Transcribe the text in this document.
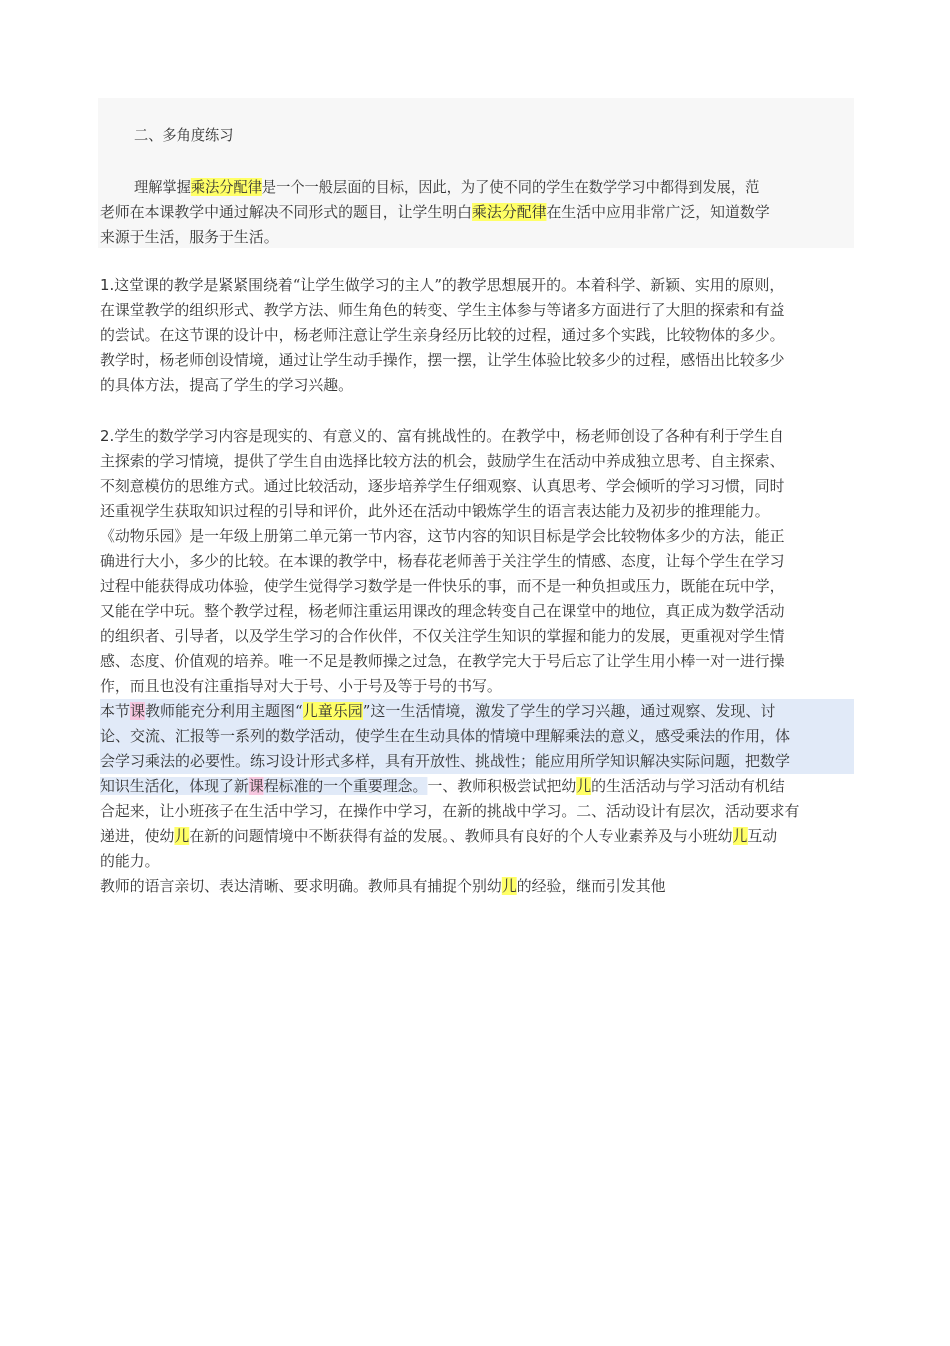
二、多角度练习
理解掌握乘法分配律是一个一般层面的目标，因此，为了使不同的学生在数学学习中都得到发展，范
老师在本课教学中通过解决不同形式的题目，让学生明白乘法分配律在生活中应用非常广泛，知道数学
来源于生活，服务于生活。
1.这堂课的教学是紧紧围绕着“让学生做学习的主人”的教学思想展开的。本着科学、新颖、实用的原则，
在课堂教学的组织形式、教学方法、师生角色的转变、学生主体参与等诸多方面进行了大胆的探索和有益
的尝试。在这节课的设计中，杨老师注意让学生亲身经历比较的过程，通过多个实践，比较物体的多少。
教学时，杨老师创设情境，通过让学生动手操作，摆一摆，让学生体验比较多少的过程，感悟出比较多少
的具体方法，提高了学生的学习兴趣。
2.学生的数学学习内容是现实的、有意义的、富有挑战性的。在教学中，杨老师创设了各种有利于学生自
主探索的学习情境，提供了学生自由选择比较方法的机会，鼓励学生在活动中养成独立思考、自主探索、
不刻意模仿的思维方式。通过比较活动，逐步培养学生仔细观察、认真思考、学会倾听的学习习惯，同时
还重视学生获取知识过程的引导和评价，此外还在活动中锻炼学生的语言表达能力及初步的推理能力。
《动物乐园》是一年级上册第二单元第一节内容，这节内容的知识目标是学会比较物体多少的方法，能正
确进行大小，多少的比较。在本课的教学中，杨春花老师善于关注学生的情感、态度，让每个学生在学习
过程中能获得成功体验，使学生觉得学习数学是一件快乐的事，而不是一种负担或压力，既能在玩中学，
又能在学中玩。整个教学过程，杨老师注重运用课改的理念转变自己在课堂中的地位，真正成为数学活动
的组织者、引导者，以及学生学习的合作伙伴，不仅关注学生知识的掌握和能力的发展，更重视对学生情
感、态度、价值观的培养。唯一不足是教师操之过急，在教学完大于号后忘了让学生用小棒一对一进行操
作，而且也没有注重指导对大于号、小于号及等于号的书写。
本节课教师能充分利用主题图“儿童乐园”这一生活情境，激发了学生的学习兴趣，通过观察、发现、讨
论、交流、汇报等一系列的数学活动，使学生在生动具体的情境中理解乘法的意义，感受乘法的作用，体
会学习乘法的必要性。练习设计形式多样，具有开放性、挑战性；能应用所学知识解决实际问题，把数学
知识生活化，体现了新课程标准的一个重要理念。一、教师积极尝试把幼儿的生活活动与学习活动有机结
合起来，让小班孩子在生活中学习，在操作中学习，在新的挑战中学习。二、活动设计有层次，活动要求有
递进，使幼儿在新的问题情境中不断获得有益的发展。、教师具有良好的个人专业素养及与小班幼儿互动
的能力。
教师的语言亲切、表达清晰、要求明确。教师具有捕捉个别幼儿的经验，继而引发其他
